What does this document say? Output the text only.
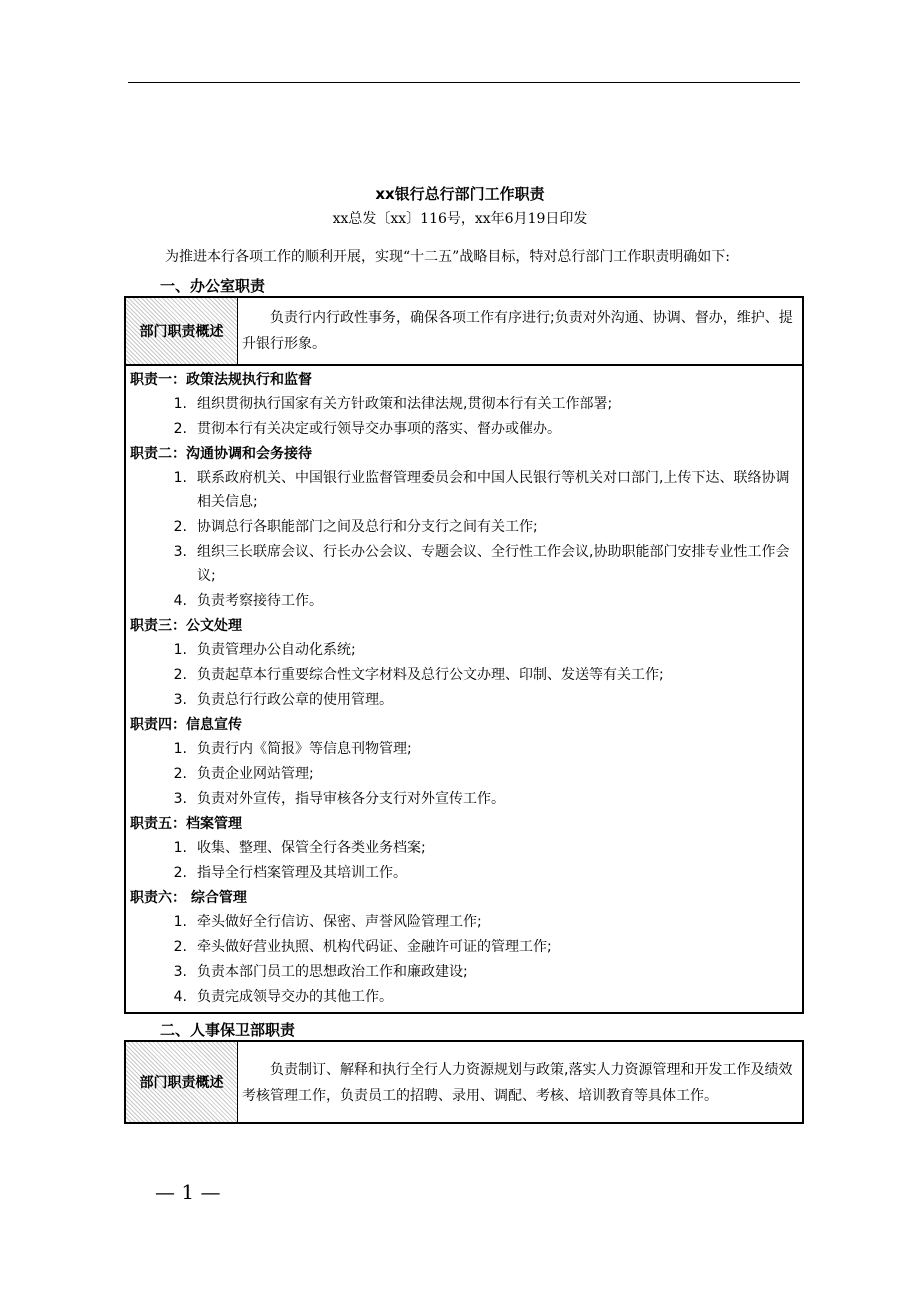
xx银行总行部门工作职责
xx总发〔xx〕116号，xx年6月19日印发
为推进本行各项工作的顺利开展，实现“十二五”战略目标，特对总行部门工作职责明确如下:
一、办公室职责
部门职责概述
负责行内行政性事务，确保各项工作有序进行;负责对外沟通、协调、督办，维护、提升银行形象。
职责一：政策法规执行和监督
1. 组织贯彻执行国家有关方针政策和法律法规,贯彻本行有关工作部署;
2. 贯彻本行有关决定或行领导交办事项的落实、督办或催办。
职责二：沟通协调和会务接待
1. 联系政府机关、中国银行业监督管理委员会和中国人民银行等机关对口部门,上传下达、联络协调相关信息;
2. 协调总行各职能部门之间及总行和分支行之间有关工作;
3. 组织三长联席会议、行长办公会议、专题会议、全行性工作会议,协助职能部门安排专业性工作会议;
4. 负责考察接待工作。
职责三：公文处理
1. 负责管理办公自动化系统;
2. 负责起草本行重要综合性文字材料及总行公文办理、印制、发送等有关工作;
3. 负责总行行政公章的使用管理。
职责四：信息宣传
1. 负责行内《简报》等信息刊物管理;
2. 负责企业网站管理;
3. 负责对外宣传，指导审核各分支行对外宣传工作。
职责五：档案管理
1. 收集、整理、保管全行各类业务档案;
2. 指导全行档案管理及其培训工作。
职责六： 综合管理
1. 牵头做好全行信访、保密、声誉风险管理工作;
2. 牵头做好营业执照、机构代码证、金融许可证的管理工作;
3. 负责本部门员工的思想政治工作和廉政建设;
4. 负责完成领导交办的其他工作。
二、人事保卫部职责
部门职责概述
负责制订、解释和执行全行人力资源规划与政策,落实人力资源管理和开发工作及绩效考核管理工作，负责员工的招聘、录用、调配、考核、培训教育等具体工作。
— 1 —
